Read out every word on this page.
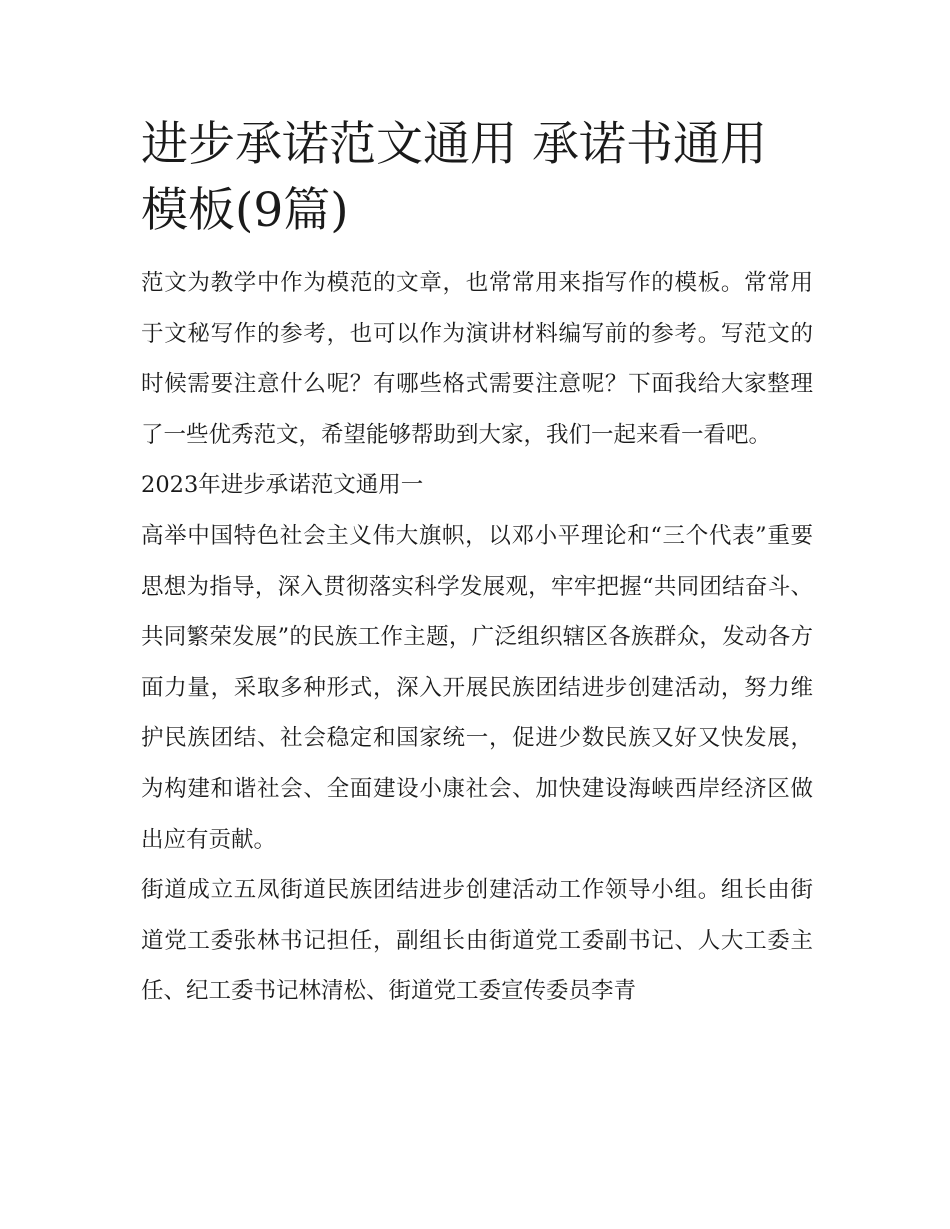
进步承诺范文通用 承诺书通用模板(9篇)

范文为教学中作为模范的文章，也常常用来指写作的模板。常常用于文秘写作的参考，也可以作为演讲材料编写前的参考。写范文的时候需要注意什么呢？有哪些格式需要注意呢？下面我给大家整理了一些优秀范文，希望能够帮助到大家，我们一起来看一看吧。

2023年进步承诺范文通用一

高举中国特色社会主义伟大旗帜，以邓小平理论和“三个代表”重要思想为指导，深入贯彻落实科学发展观，牢牢把握“共同团结奋斗、共同繁荣发展”的民族工作主题，广泛组织辖区各族群众，发动各方面力量，采取多种形式，深入开展民族团结进步创建活动，努力维护民族团结、社会稳定和国家统一，促进少数民族又好又快发展，为构建和谐社会、全面建设小康社会、加快建设海峡西岸经济区做出应有贡献。

街道成立五凤街道民族团结进步创建活动工作领导小组。组长由街道党工委张林书记担任，副组长由街道党工委副书记、人大工委主任、纪工委书记林清松、街道党工委宣传委员李青
